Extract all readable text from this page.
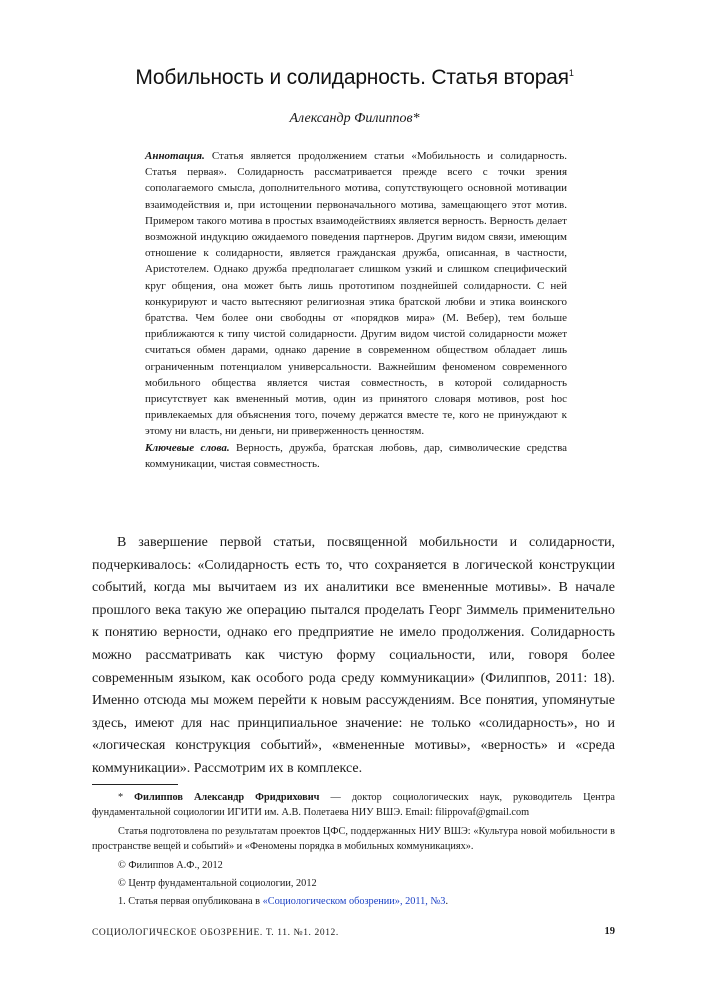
Мобильность и солидарность. Статья вторая$^1$
Александр Филиппов*

Аннотация. Статья является продолжением статьи «Мобильность и солидарность. Статья первая». Солидарность рассматривается прежде всего с точки зрения сополагаемого смысла, дополнительного мотива, сопутствующего основной мотивации взаимодействия и, при истощении первоначального мотива, замещающего этот мотив. Примером такого мотива в простых взаимодействиях является верность. Верность делает возможной индукцию ожидаемого поведения партнеров. Другим видом связи, имеющим отношение к солидарности, является гражданская дружба, описанная, в частности, Аристотелем. Однако дружба предполагает слишком узкий и слишком специфический круг общения, она может быть лишь прототипом позднейшей солидарности. С ней конкурируют и часто вытесняют религиозная этика братской любви и этика воинского братства. Чем более они свободны от «порядков мира» (М. Вебер), тем больше приближаются к типу чистой солидарности. Другим видом чистой солидарности может считаться обмен дарами, однако дарение в современном обществом обладает лишь ограниченным потенциалом универсальности. Важнейшим феноменом современного мобильного общества является чистая совместность, в которой солидарность присутствует как вмененный мотив, один из принятого словаря мотивов, post hoc привлекаемых для объяснения того, почему держатся вместе те, кого не принуждают к этому ни власть, ни деньги, ни приверженность ценностям.

Ключевые слова. Верность, дружба, братская любовь, дар, символические средства коммуникации, чистая совместность.

В завершение первой статьи, посвященной мобильности и солидарности, подчеркивалось: «Солидарность есть то, что сохраняется в логической конструкции событий, когда мы вычитаем из их аналитики все вмененные мотивы». В начале прошлого века такую же операцию пытался проделать Георг Зиммель применительно к понятию верности, однако его предприятие не имело продолжения. Солидарность можно рассматривать как чистую форму социальности, или, говоря более современным языком, как особого рода среду коммуникации» (Филиппов, 2011: 18). Именно отсюда мы можем перейти к новым рассуждениям. Все понятия, упомянутые здесь, имеют для нас принципиальное значение: не только «солидарность», но и «логическая конструкция событий», «вмененные мотивы», «верность» и «среда коммуникации». Рассмотрим их в комплексе.

* Филиппов Александр Фридрихович — доктор социологических наук, руководитель Центра фундаментальной социологии ИГИТИ им. А.В. Полетаева НИУ ВШЭ. Email: filippovaf@gmail.com

Статья подготовлена по результатам проектов ЦФС, поддержанных НИУ ВШЭ: «Культура новой мобильности в пространстве вещей и событий» и «Феномены порядка в мобильных коммуникациях».

© Филиппов А.Ф., 2012

© Центр фундаментальной социологии, 2012

1. Статья первая опубликована в «Социологическом обозрении», 2011, №3.

СОЦИОЛОГИЧЕСКОЕ ОБОЗРЕНИЕ. Т. 11. №1. 2012.	19
